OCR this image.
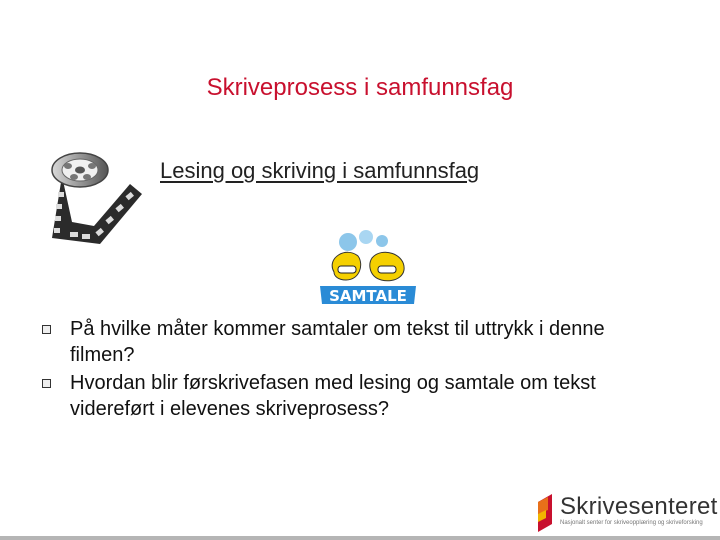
Skriveprosess i samfunnsfag
Lesing og skriving i samfunnsfag
SAMTALE
På hvilke måter kommer samtaler om tekst til uttrykk i denne filmen?
Hvordan blir førskrivefasen med lesing og samtale om tekst videreført i elevenes skriveprosess?
Skrivesenteret
Nasjonalt senter for skriveopplæring og skriveforsking
